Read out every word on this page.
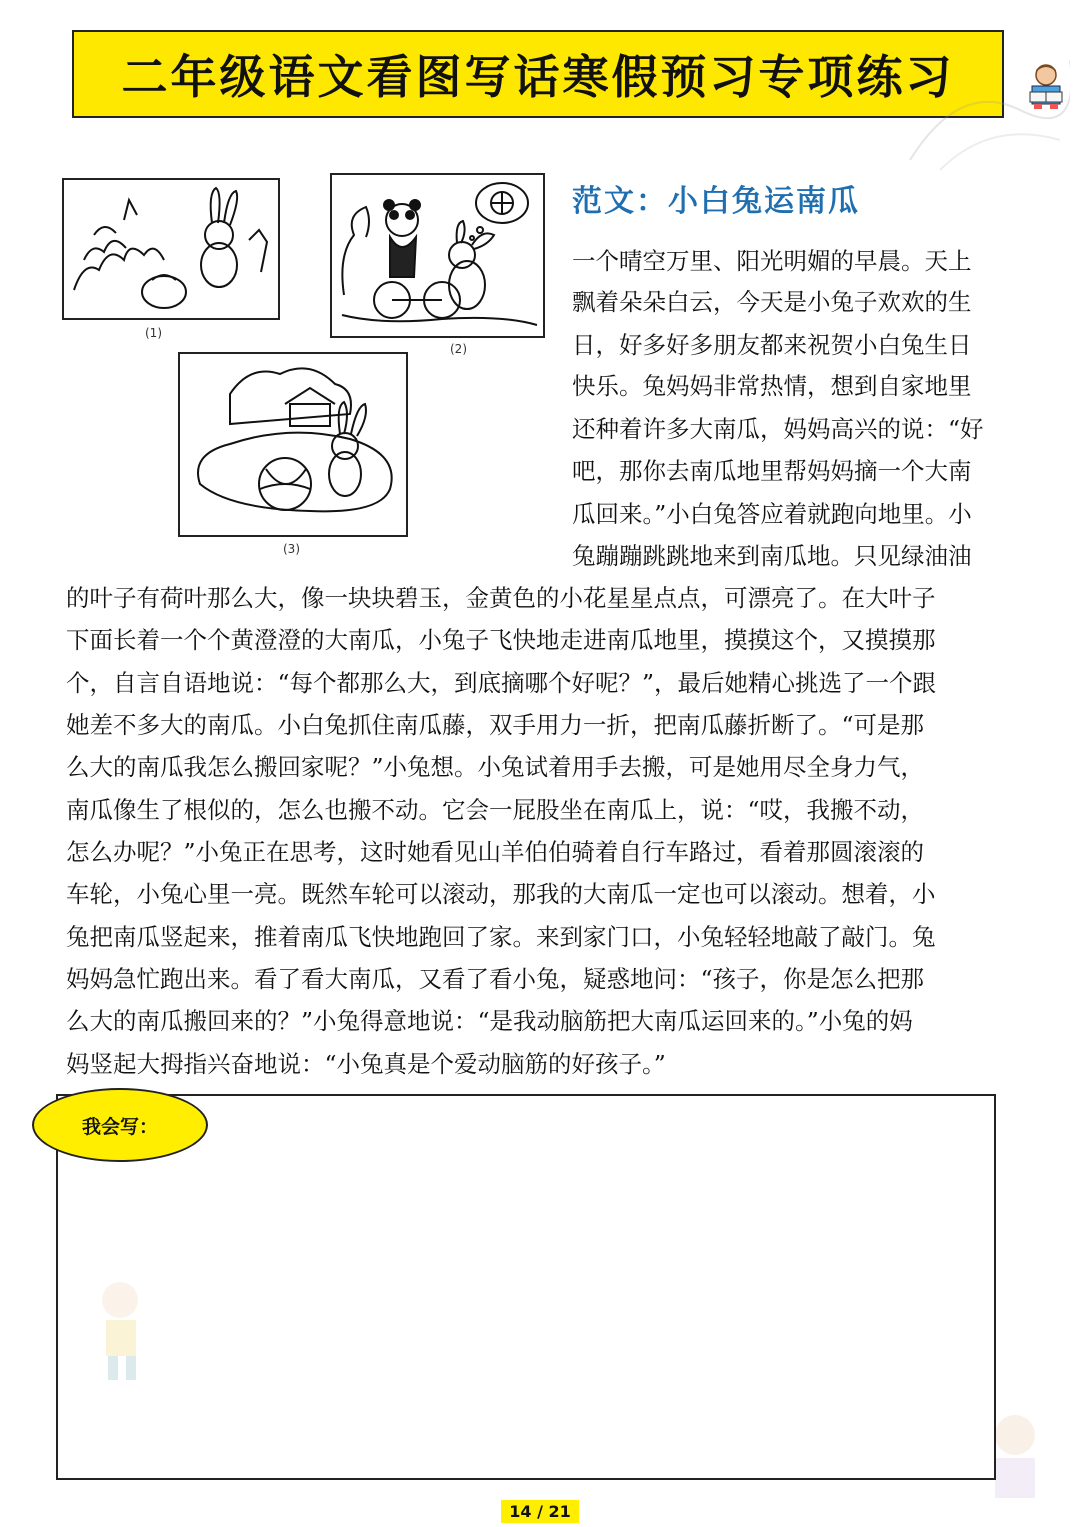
二年级语文看图写话寒假预习专项练习
(1)
(2)
(3)
范文：小白兔运南瓜
一个晴空万里、阳光明媚的早晨。天上
飘着朵朵白云，今天是小兔子欢欢的生
日，好多好多朋友都来祝贺小白兔生日
快乐。兔妈妈非常热情，想到自家地里
还种着许多大南瓜，妈妈高兴的说：“好
吧，那你去南瓜地里帮妈妈摘一个大南
瓜回来。”小白兔答应着就跑向地里。小
兔蹦蹦跳跳地来到南瓜地。只见绿油油
的叶子有荷叶那么大，像一块块碧玉，金黄色的小花星星点点，可漂亮了。在大叶子
下面长着一个个黄澄澄的大南瓜，小兔子飞快地走进南瓜地里，摸摸这个，又摸摸那
个，自言自语地说：“每个都那么大，到底摘哪个好呢？”，最后她精心挑选了一个跟
她差不多大的南瓜。小白兔抓住南瓜藤，双手用力一折，把南瓜藤折断了。“可是那
么大的南瓜我怎么搬回家呢？”小兔想。小兔试着用手去搬，可是她用尽全身力气，
南瓜像生了根似的，怎么也搬不动。它会一屁股坐在南瓜上，说：“哎，我搬不动，
怎么办呢？”小兔正在思考，这时她看见山羊伯伯骑着自行车路过，看着那圆滚滚的
车轮，小兔心里一亮。既然车轮可以滚动，那我的大南瓜一定也可以滚动。想着，小
兔把南瓜竖起来，推着南瓜飞快地跑回了家。来到家门口，小兔轻轻地敲了敲门。兔
妈妈急忙跑出来。看了看大南瓜，又看了看小兔，疑惑地问：“孩子，你是怎么把那
么大的南瓜搬回来的？”小兔得意地说：“是我动脑筋把大南瓜运回来的。”小兔的妈
妈竖起大拇指兴奋地说：“小兔真是个爱动脑筋的好孩子。”
我会写：
14 / 21
